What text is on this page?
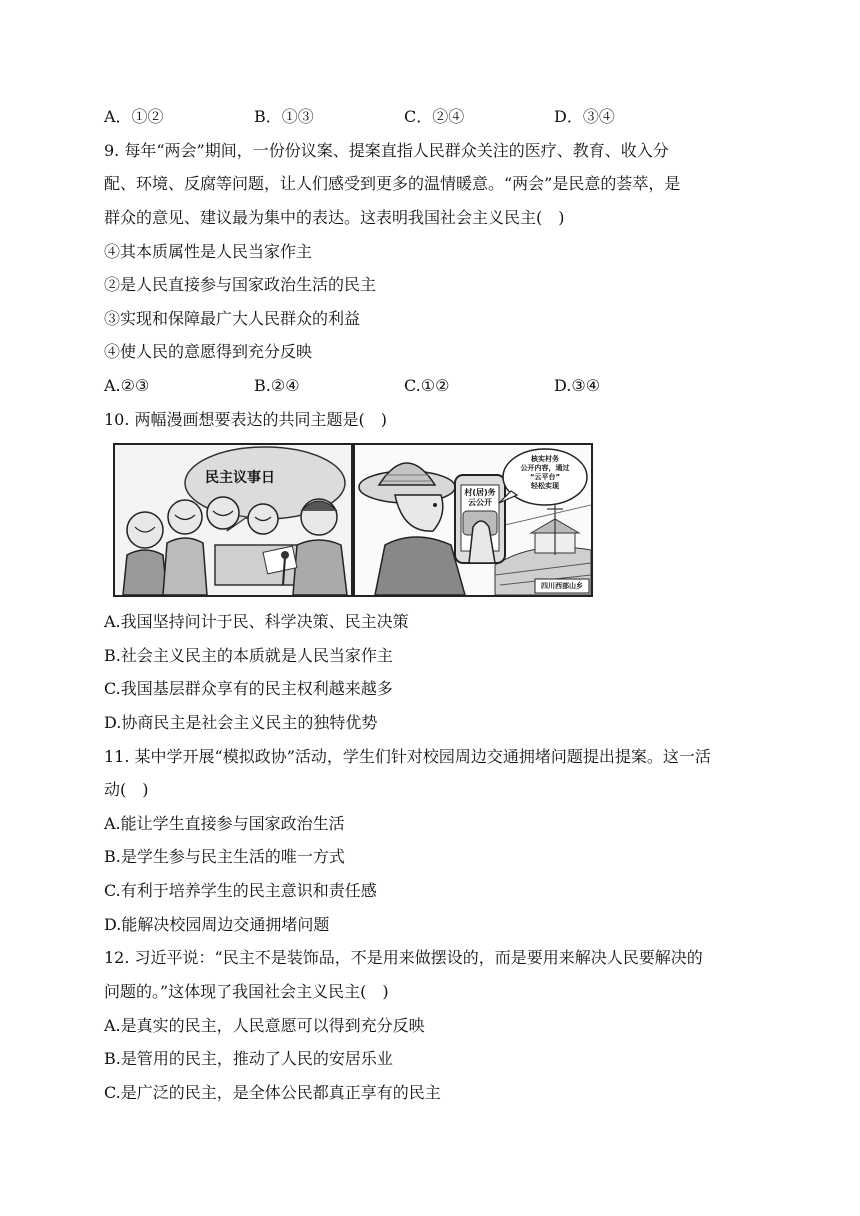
A．①②	B．①③	C．②④	D．③④
9. 每年“两会”期间，一份份议案、提案直指人民群众关注的医疗、教育、收入分
配、环境、反腐等问题，让人们感受到更多的温情暖意。“两会”是民意的荟萃，是
群众的意见、建议最为集中的表达。这表明我国社会主义民主(　)
④其本质属性是人民当家作主
②是人民直接参与国家政治生活的民主
③实现和保障最广大人民群众的利益
④使人民的意愿得到充分反映
A.②③	B.②④	C.①②	D.③④
10. 两幅漫画想要表达的共同主题是(　)
民主议事日
村(居)务
云公开
核实村务
公开内容，通过
“云平台”
轻松实现
四川西部山乡
A.我国坚持问计于民、科学决策、民主决策
B.社会主义民主的本质就是人民当家作主
C.我国基层群众享有的民主权利越来越多
D.协商民主是社会主义民主的独特优势
11. 某中学开展“模拟政协”活动，学生们针对校园周边交通拥堵问题提出提案。这一活
动(　)
A.能让学生直接参与国家政治生活
B.是学生参与民主生活的唯一方式
C.有利于培养学生的民主意识和责任感
D.能解决校园周边交通拥堵问题
12. 习近平说：“民主不是装饰品，不是用来做摆设的，而是要用来解决人民要解决的
问题的。”这体现了我国社会主义民主(　)
A.是真实的民主，人民意愿可以得到充分反映
B.是管用的民主，推动了人民的安居乐业
C.是广泛的民主，是全体公民都真正享有的民主
